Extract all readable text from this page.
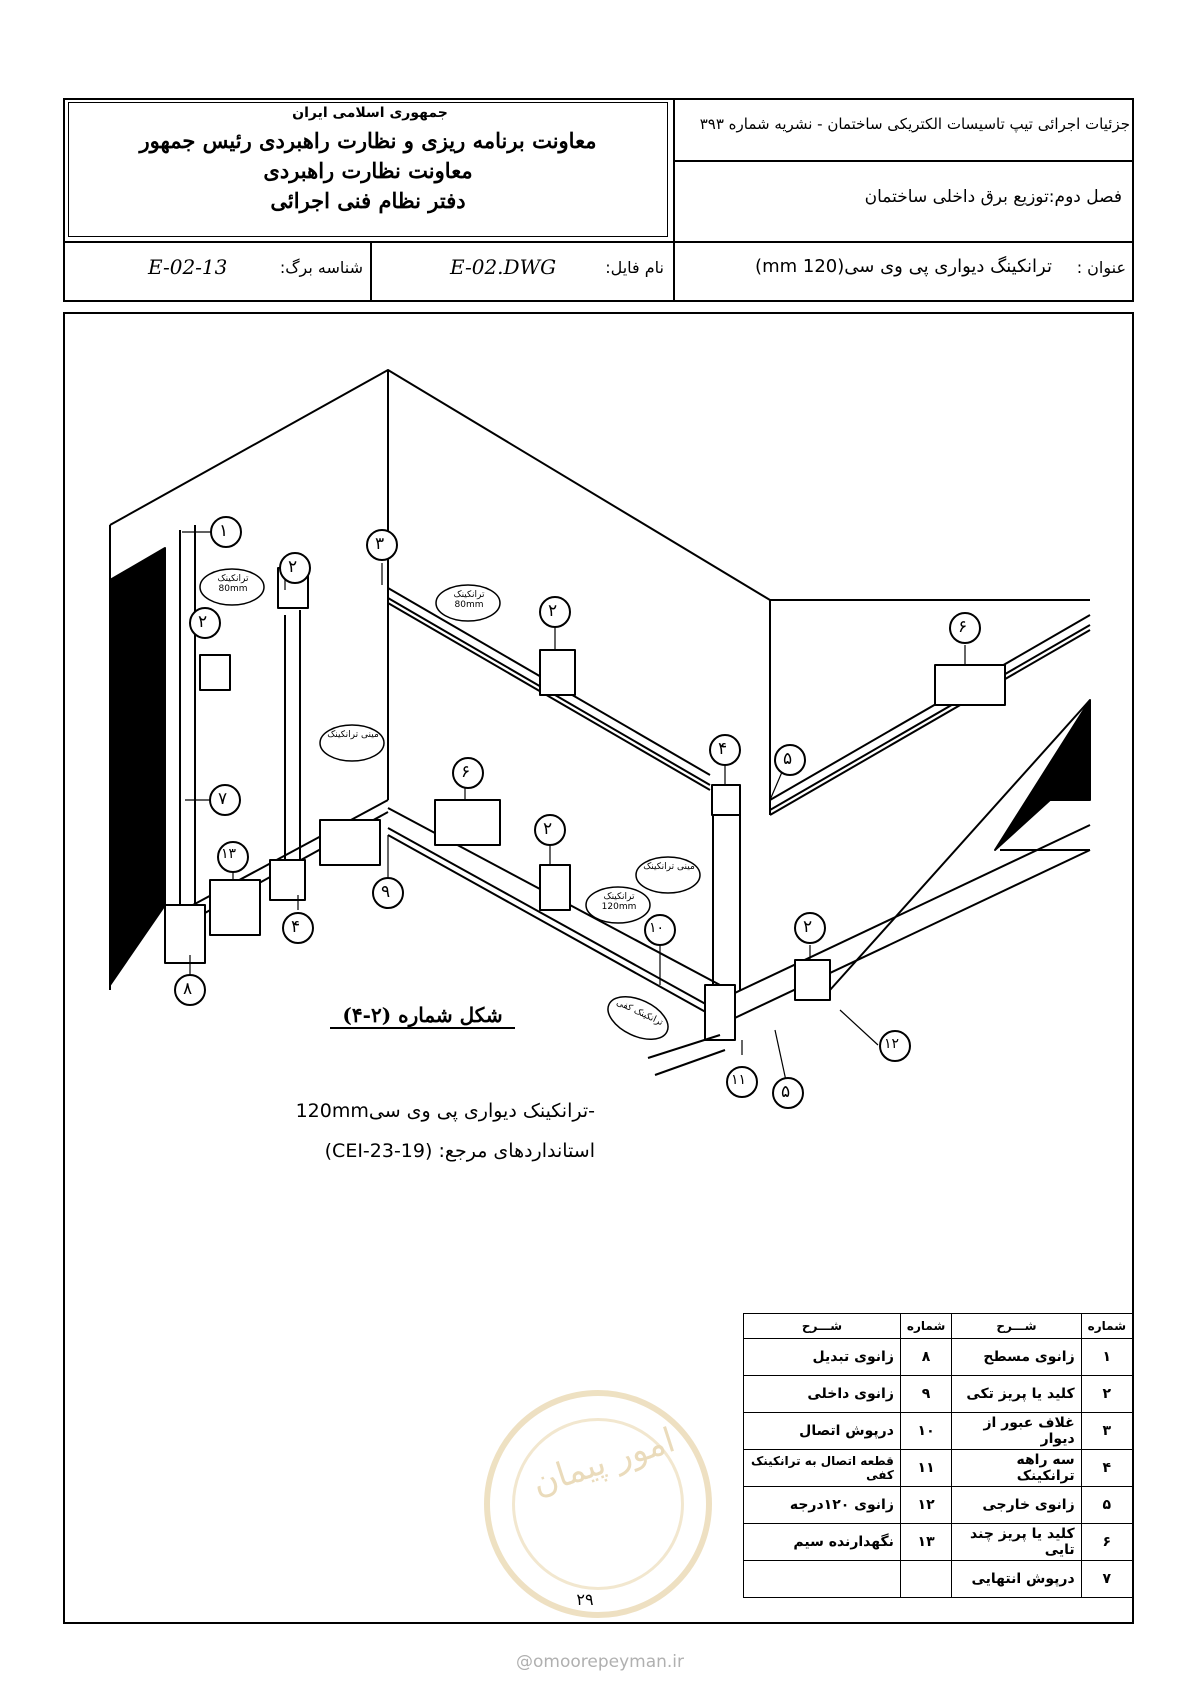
جمهوری اسلامی ایران
معاونت برنامه ریزی و نظارت راهبردی رئیس جمهور
معاونت نظارت راهبردی
دفتر نظام فنی اجرائی
جزئیات اجرائی تیپ تاسیسات الکتریکی ساختمان - نشریه شماره ۳۹۳
فصل دوم:توزیع برق داخلی ساختمان
عنوان :
ترانکینگ دیواری پی وی سی(120 mm)
نام فایل:
E-02.DWG
شناسه برگ:
E-02-13
۱
۲
۳
۲
۲
۶
۴	۵
۶
۷
۱۳
۴
۹
۲
۱۰	۲
۸
۱۱
۵
۱۲
ترانکینک 80mm
ترانکینک 80mm
مینی ترانکینک
مینی ترانکینک
ترانکینک 120mm
ترانکینک کفی
شکل شماره (۲-۴)
-ترانکینک دیواری پی وی سی120mm
استانداردهای مرجع: (CEI-23-19)
امور پیمان
شماره	شـــرح	شماره	شـــرح
۱	زانوی مسطح	۸	زانوی تبدیل
۲	کلید یا پریز تکی	۹	زانوی داخلی
۳	غلاف عبور از دیوار	۱۰	درپوش اتصال
۴	سه راهه ترانکینک	۱۱	قطعه اتصال به ترانکینک کفی
۵	زانوی خارجی	۱۲	زانوی ۱۲۰درجه
۶	کلید یا پریز چند تایی	۱۳	نگهدارنده سیم
۷	درپوش انتهایی		
۲۹
@omoorepeyman.ir
